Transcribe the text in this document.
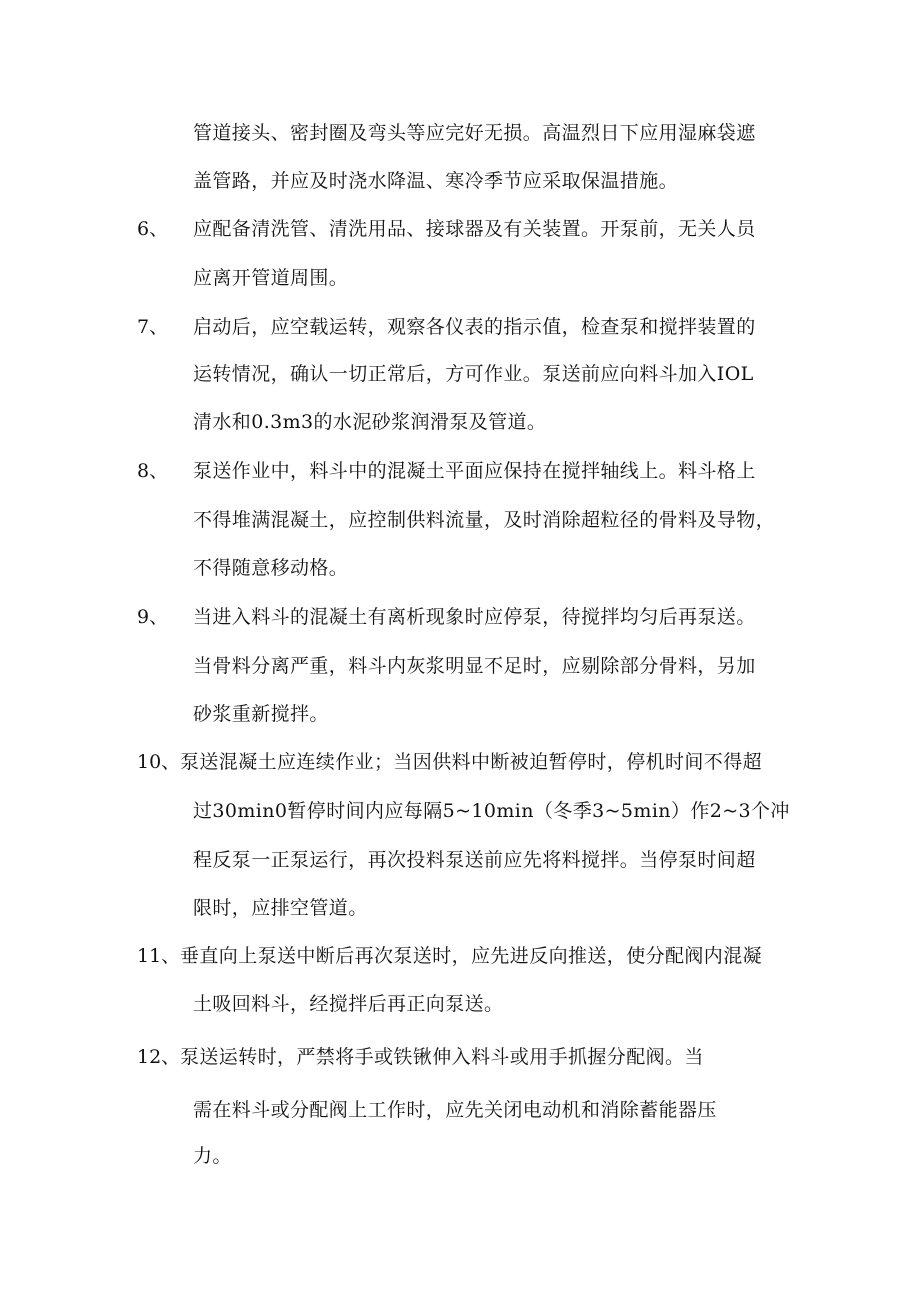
管道接头、密封圈及弯头等应完好无损。高温烈日下应用湿麻袋遮
盖管路，并应及时浇水降温、寒冷季节应采取保温措施。
6、 应配备清洗管、清洗用品、接球器及有关装置。开泵前，无关人员
应离开管道周围。
7、 启动后，应空载运转，观察各仪表的指示值，检查泵和搅拌装置的
运转情况，确认一切正常后，方可作业。泵送前应向料斗加入IOL
清水和0.3m3的水泥砂浆润滑泵及管道。
8、 泵送作业中，料斗中的混凝土平面应保持在搅拌轴线上。料斗格上
不得堆满混凝土，应控制供料流量，及时消除超粒径的骨料及导物，
不得随意移动格。
9、 当进入料斗的混凝土有离析现象时应停泵，待搅拌均匀后再泵送。
当骨料分离严重，料斗内灰浆明显不足时，应剔除部分骨料，另加
砂浆重新搅拌。
10、 泵送混凝土应连续作业；当因供料中断被迫暂停时，停机时间不得超
过30min0暂停时间内应每隔5~10min（冬季3~5min）作2~3个冲
程反泵一正泵运行，再次投料泵送前应先将料搅拌。当停泵时间超
限时，应排空管道。
11、 垂直向上泵送中断后再次泵送时，应先进反向推送，使分配阀内混凝
土吸回料斗，经搅拌后再正向泵送。
12、 泵送运转时，严禁将手或铁锹伸入料斗或用手抓握分配阀。当
需在料斗或分配阀上工作时，应先关闭电动机和消除蓄能器压
力。
